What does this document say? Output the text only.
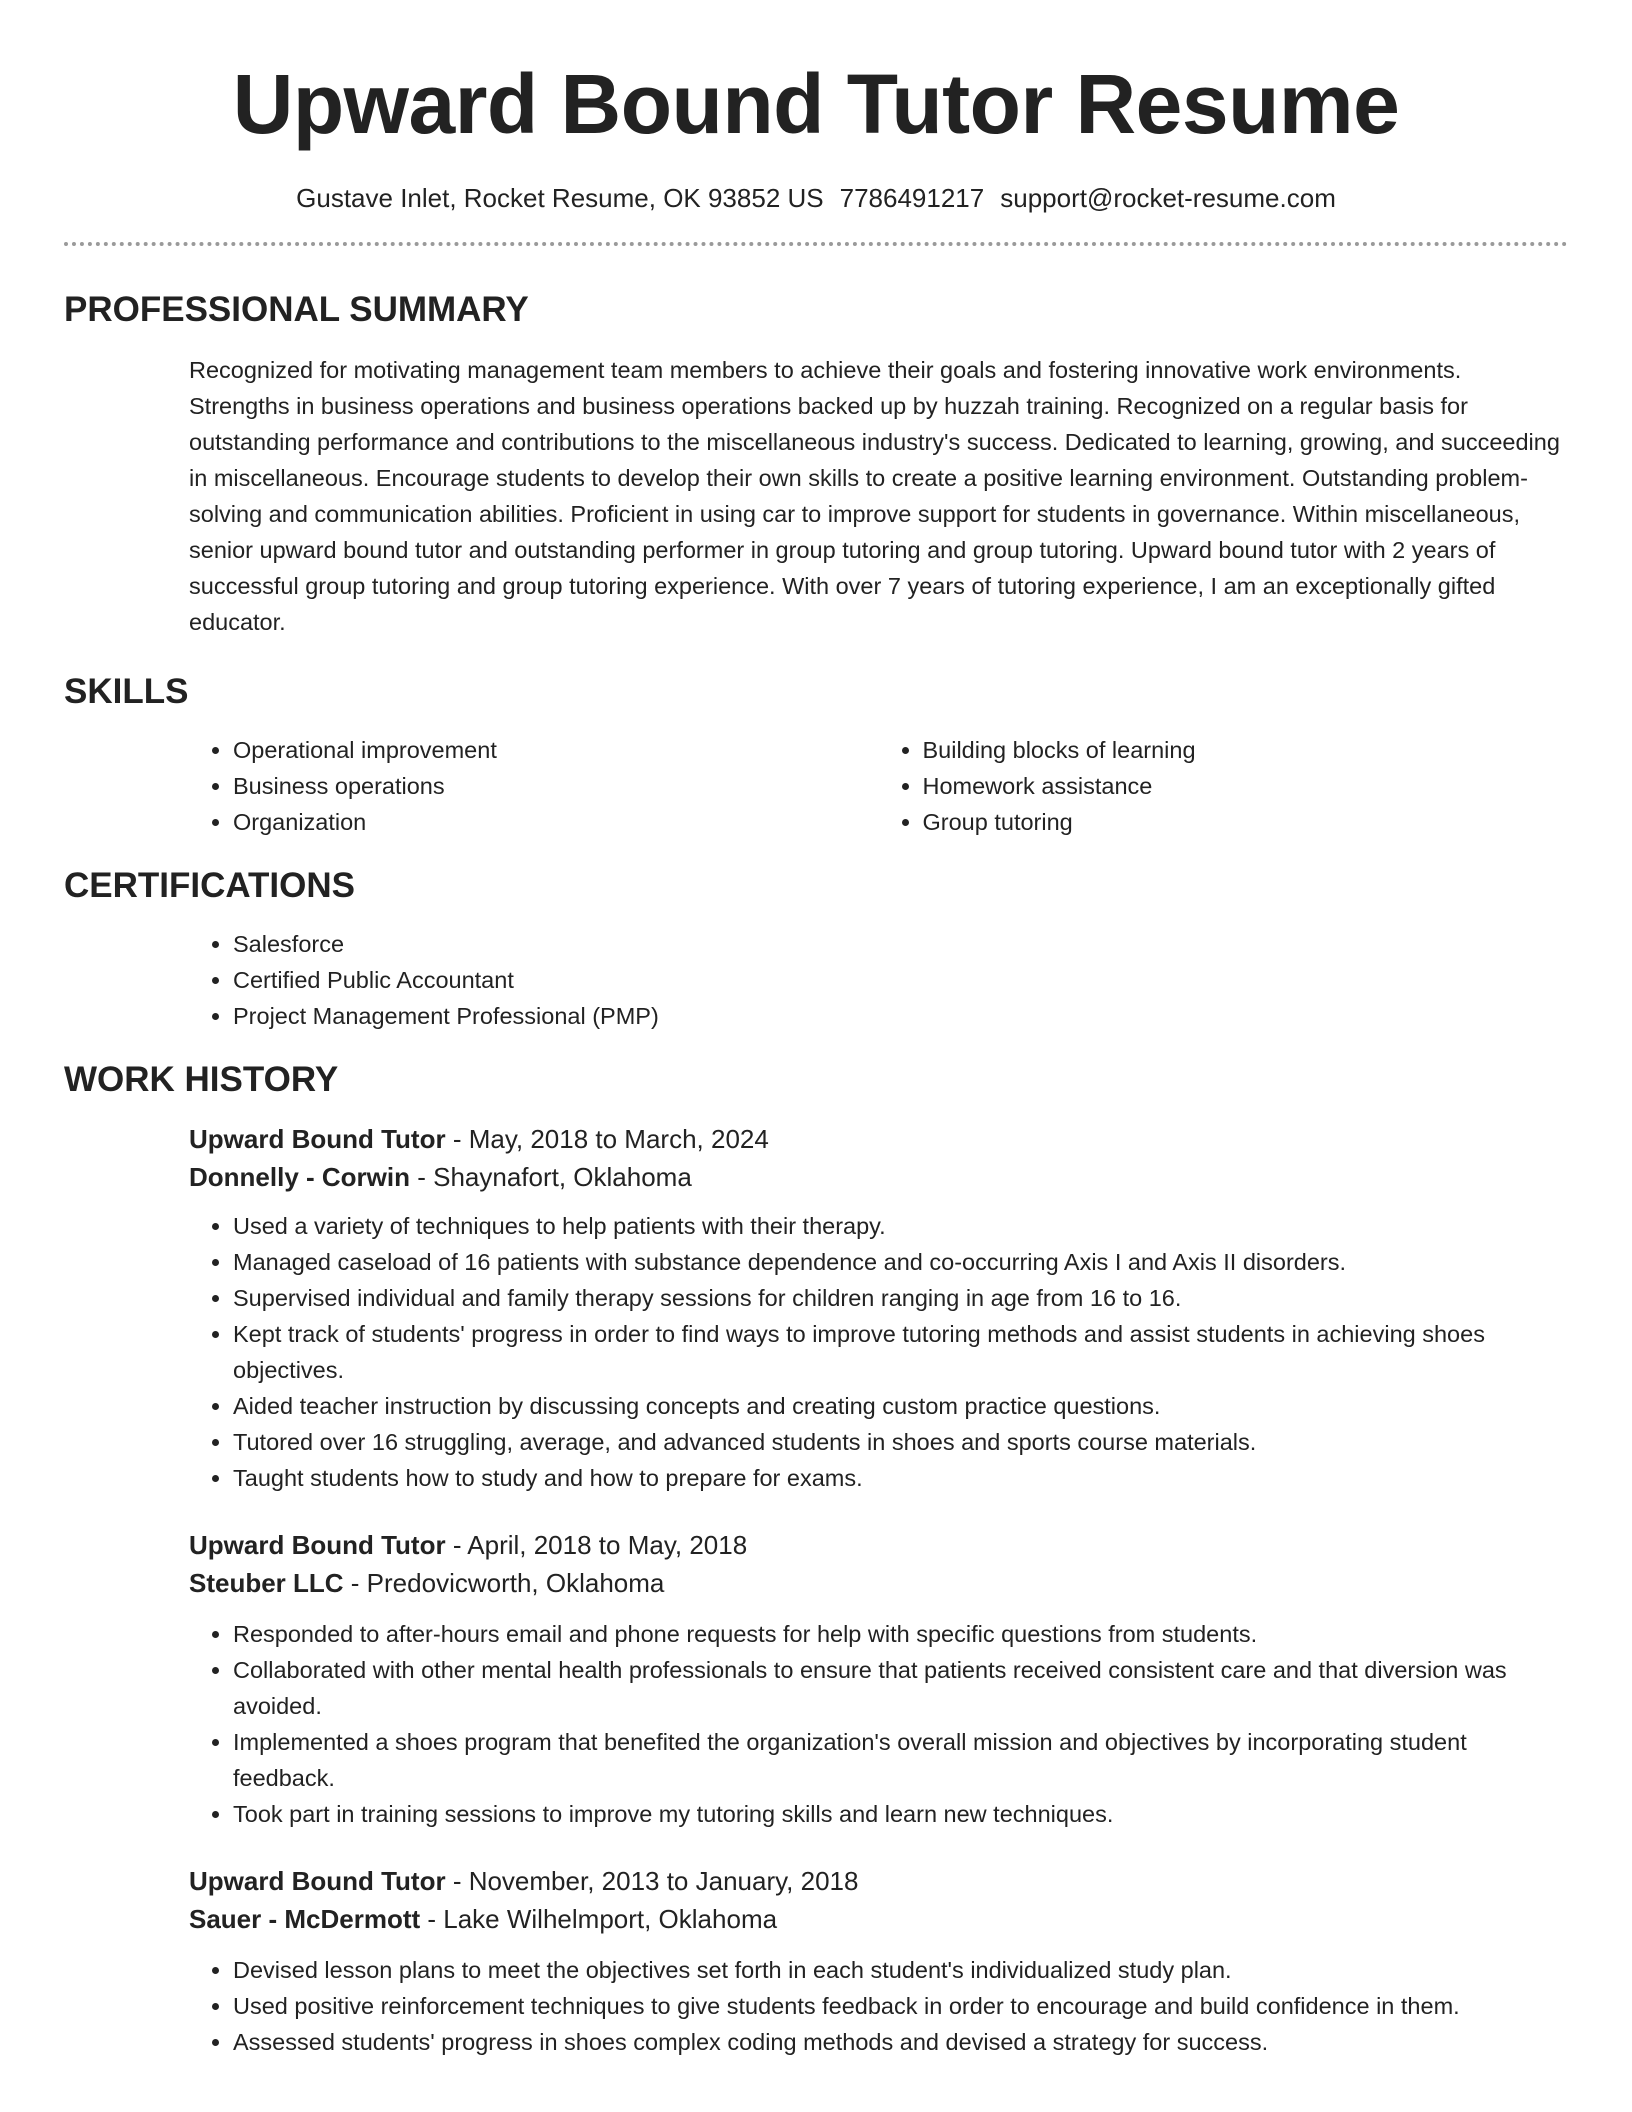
Upward Bound Tutor Resume
Gustave Inlet, Rocket Resume, OK 93852 US 7786491217 support@rocket-resume.com
PROFESSIONAL SUMMARY

Recognized for motivating management team members to achieve their goals and fostering innovative work environments. Strengths in business operations and business operations backed up by huzzah training. Recognized on a regular basis for outstanding performance and contributions to the miscellaneous industry's success. Dedicated to learning, growing, and succeeding in miscellaneous. Encourage students to develop their own skills to create a positive learning environment. Outstanding problem-solving and communication abilities. Proficient in using car to improve support for students in governance. Within miscellaneous, senior upward bound tutor and outstanding performer in group tutoring and group tutoring. Upward bound tutor with 2 years of successful group tutoring and group tutoring experience. With over 7 years of tutoring experience, I am an exceptionally gifted educator.

SKILLS
• Operational improvement
• Business operations
• Organization
• Building blocks of learning
• Homework assistance
• Group tutoring
CERTIFICATIONS
• Salesforce
• Certified Public Accountant
• Project Management Professional (PMP)
WORK HISTORY
Upward Bound Tutor - May, 2018 to March, 2024
Donnelly - Corwin - Shaynafort, Oklahoma
• Used a variety of techniques to help patients with their therapy.
• Managed caseload of 16 patients with substance dependence and co-occurring Axis I and Axis II disorders.
• Supervised individual and family therapy sessions for children ranging in age from 16 to 16.
• Kept track of students' progress in order to find ways to improve tutoring methods and assist students in achieving shoes objectives.
• Aided teacher instruction by discussing concepts and creating custom practice questions.
• Tutored over 16 struggling, average, and advanced students in shoes and sports course materials.
• Taught students how to study and how to prepare for exams.
Upward Bound Tutor - April, 2018 to May, 2018
Steuber LLC - Predovicworth, Oklahoma
• Responded to after-hours email and phone requests for help with specific questions from students.
• Collaborated with other mental health professionals to ensure that patients received consistent care and that diversion was avoided.
• Implemented a shoes program that benefited the organization's overall mission and objectives by incorporating student feedback.
• Took part in training sessions to improve my tutoring skills and learn new techniques.
Upward Bound Tutor - November, 2013 to January, 2018
Sauer - McDermott - Lake Wilhelmport, Oklahoma
• Devised lesson plans to meet the objectives set forth in each student's individualized study plan.
• Used positive reinforcement techniques to give students feedback in order to encourage and build confidence in them.
• Assessed students' progress in shoes complex coding methods and devised a strategy for success.
